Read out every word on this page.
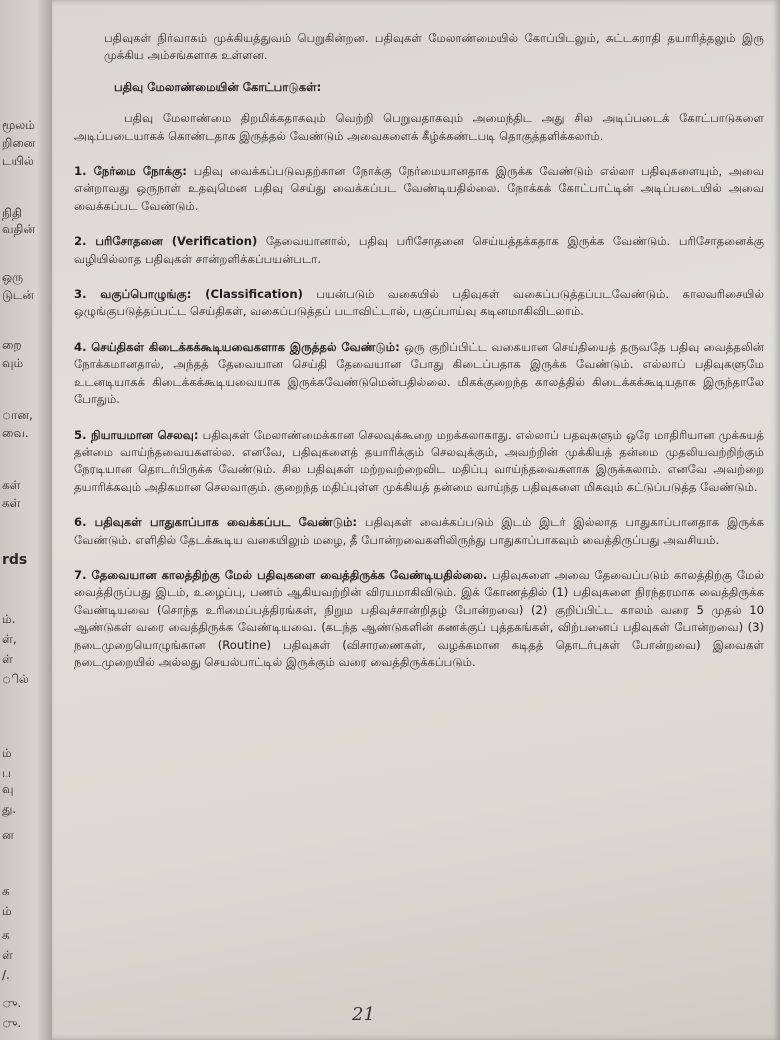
மூலம்
றினை
டயில்
நிதி
வதின்
ஒரு
டுடன்
றை
வும்
ான,
வை.
கள்
கள்
rds
ம்.
ள்,
ள்
ில்
ம்
ப
வு
து.
ன
க
ம்
க
ள்
/.
ு.
ு.

பதிவுகள் நிர்வாகம் முக்கியத்துவம் பெறுகின்றன. பதிவுகள் மேலாண்மையில் கோப்பிடலும், சுட்டகராதி தயாரித்தலும் இரு முக்கிய அம்சங்களாக உள்ளன.

பதிவு மேலாண்மையின் கோட்பாடுகள்:

பதிவு மேலாண்மை திறமிக்கதாகவும் வெற்றி பெறுவதாகவும் அமைந்திட அது சில அடிப்படைக் கோட்பாடுகளை அடிப்படையாகக் கொண்டதாக இருத்தல் வேண்டும் அவைகளைக் கீழ்க்கண்டபடி தொகுத்தளிக்கலாம்.

1. நேர்மை நோக்கு: பதிவு வைக்கப்படுவதற்கான நோக்கு நேர்மையானதாக இருக்க வேண்டும் எல்லா பதிவுகளையும், அவை என்றாவது ஒருநாள் உதவுமென பதிவு செய்து வைக்கப்பட வேண்டியதில்லை. நோக்கக் கோட்பாட்டின் அடிப்படையில் அவை வைக்கப்பட வேண்டும்.

2. பரிசோதனை (Verification) தேவையானால், பதிவு பரிசோதனை செய்யத்தக்கதாக இருக்க வேண்டும். பரிசோதனைக்கு வழியில்லாத பதிவுகள் சான்றளிக்கப்பயன்படா.

3. வகுப்பொழுங்கு: (Classification) பயன்படும் வகையில் பதிவுகள் வகைப்படுத்தப்படவேண்டும். காலவரிசையில் ஒழுங்குபடுத்தப்பட்ட செய்திகள், வகைப்படுத்தப் படாவிட்டால், பகுப்பாய்வு கடினமாகிவிடலாம்.

4. செய்திகள் கிடைக்கக்கூடியவைகளாக இருத்தல் வேண்டும்: ஒரு குறிப்பிட்ட வகையான செய்தியைத் தருவதே பதிவு வைத்தலின் நோக்கமானதால், அந்தத் தேவையான செய்தி தேவையான போது கிடைப்பதாக இருக்க வேண்டும். எல்லாப் பதிவுகளுமே உடனடியாகக் கிடைக்கக்கூடியவையாக இருக்கவேண்டுமென்பதில்லை. மிகக்குறைந்த காலத்தில் கிடைக்கக்கூடியதாக இருந்தாலே போதும்.

5. நியாயமான செலவு: பதிவுகள் மேலாண்மைக்கான செலவுக்கூறை மறக்கலாகாது. எல்லாப் பதவுகளும் ஒரே மாதிரியான முக்கயத் தன்மை வாய்ந்தவையகளல்ல. எனவே, பதிவுகளைத் தயாரிக்கும் செலவுக்கும், அவற்றின் முக்கியத் தன்மை முதலியவற்றிற்கும் நேரடியான தொடர்பிருக்க வேண்டும். சில பதிவுகள் மற்றவற்றைவிட மதிப்பு வாய்ந்தவைகளாக இருக்கலாம். எனவே அவற்றை தயாரிக்கவும் அதிகமான செலவாகும். குறைந்த மதிப்புள்ள முக்கியத் தன்மை வாய்ந்த பதிவுகளை மிகவும் கட்டுப்படுத்த வேண்டும்.

6. பதிவுகள் பாதுகாப்பாக வைக்கப்பட வேண்டும்: பதிவுகள் வைக்கப்படும் இடம் இடர் இல்லாத பாதுகாப்பானதாக இருக்க வேண்டும். எளிதில் தேடக்கூடிய வகையிலும் மழை, தீ போன்றவைகளிலிருந்து பாதுகாப்பாகவும் வைத்திருப்பது அவசியம்.

7. தேவையான காலத்திற்கு மேல் பதிவுகளை வைத்திருக்க வேண்டியதில்லை. பதிவுகளை அவை தேவைப்படும் காலத்திற்கு மேல் வைத்திருப்பது இடம், உழைப்பு, பணம் ஆகியவற்றின் விரயமாகிவிடும். இக் கோணத்தில் (1) பதிவுகளை நிரந்தரமாக வைத்திருக்க வேண்டியவை (சொந்த உரிமைப்பத்திரங்கள், நிறும பதிவுச்சான்றிதழ் போன்றவை) (2) குறிப்பிட்ட காலம் வரை 5 முதல் 10 ஆண்டுகள் வரை வைத்திருக்க வேண்டியவை. (கடந்த ஆண்டுகளின் கணக்குப் புத்தகங்கள், விற்பனைப் பதிவுகள் போன்றவை) (3) நடைமுறையொழுங்கான (Routine) பதிவுகள் (விசாரணைகள், வழக்கமான கடிதத் தொடர்புகள் போன்றவை) இவைகள் நடைமுறையில் அல்லது செயல்பாட்டில் இருக்கும் வரை வைத்திருக்கப்படும்.

21
